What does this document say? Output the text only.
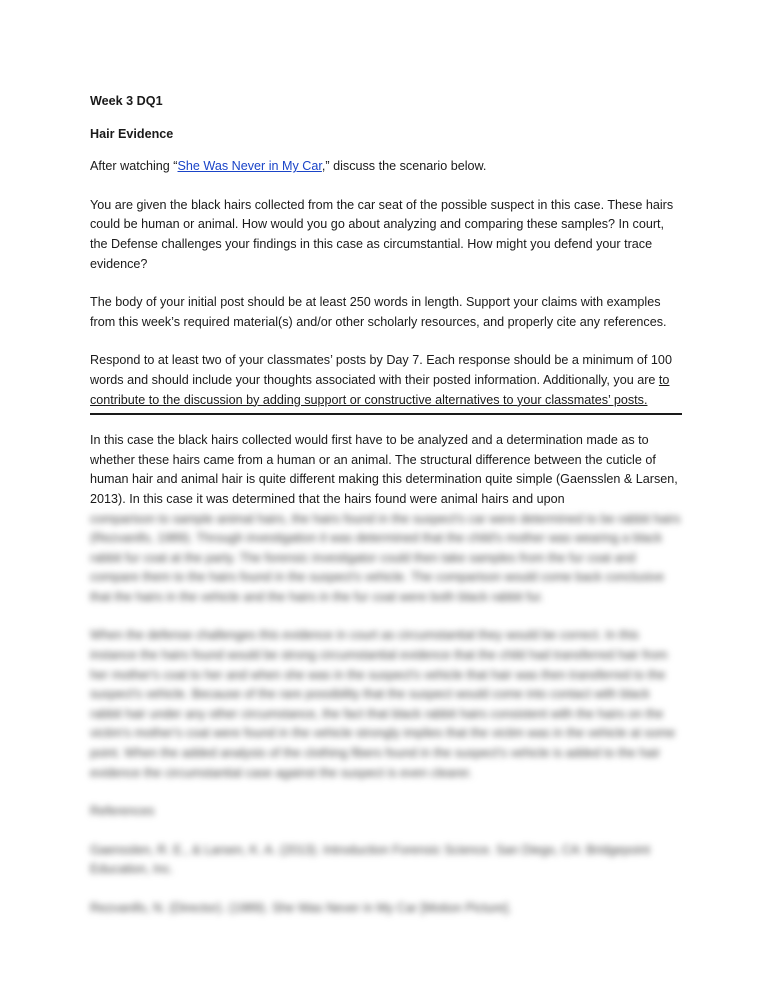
Week 3 DQ1

Hair Evidence

After watching “She Was Never in My Car,” discuss the scenario below.

You are given the black hairs collected from the car seat of the possible suspect in this case. These hairs could be human or animal. How would you go about analyzing and comparing these samples? In court, the Defense challenges your findings in this case as circumstantial. How might you defend your trace evidence?

The body of your initial post should be at least 250 words in length. Support your claims with examples from this week’s required material(s) and/or other scholarly resources, and properly cite any references.

Respond to at least two of your classmates’ posts by Day 7. Each response should be a minimum of 100 words and should include your thoughts associated with their posted information. Additionally, you are to contribute to the discussion by adding support or constructive alternatives to your classmates’ posts.

In this case the black hairs collected would first have to be analyzed and a determination made as to whether these hairs came from a human or an animal. The structural difference between the cuticle of human hair and animal hair is quite different making this determination quite simple (Gaensslen & Larsen, 2013). In this case it was determined that the hairs found were animal hairs and upon

comparison to sample animal hairs, the hairs found in the suspect's car were determined to be rabbit hairs (Rezvanifo, 1989). Through investigation it was determined that the child's mother was wearing a black rabbit fur coat at the party. The forensic investigator could then take samples from the fur coat and compare them to the hairs found in the suspect's vehicle. The comparison would come back conclusive that the hairs in the vehicle and the hairs in the fur coat were both black rabbit fur.

When the defense challenges this evidence in court as circumstantial they would be correct. In this instance the hairs found would be strong circumstantial evidence that the child had transferred hair from her mother's coat to her and when she was in the suspect's vehicle that hair was then transferred to the suspect's vehicle. Because of the rare possibility that the suspect would come into contact with black rabbit hair under any other circumstance, the fact that black rabbit hairs consistent with the hairs on the victim's mother's coat were found in the vehicle strongly implies that the victim was in the vehicle at some point. When the added analysis of the clothing fibers found in the suspect's vehicle is added to the hair evidence the circumstantial case against the suspect is even clearer.

References

Gaensslen, R. E., & Larsen, K. A. (2013). Introduction Forensic Science. San Diego, CA: Bridgepoint Education, Inc.

Rezvanifo, N. (Director). (1989). She Was Never in My Car [Motion Picture].
